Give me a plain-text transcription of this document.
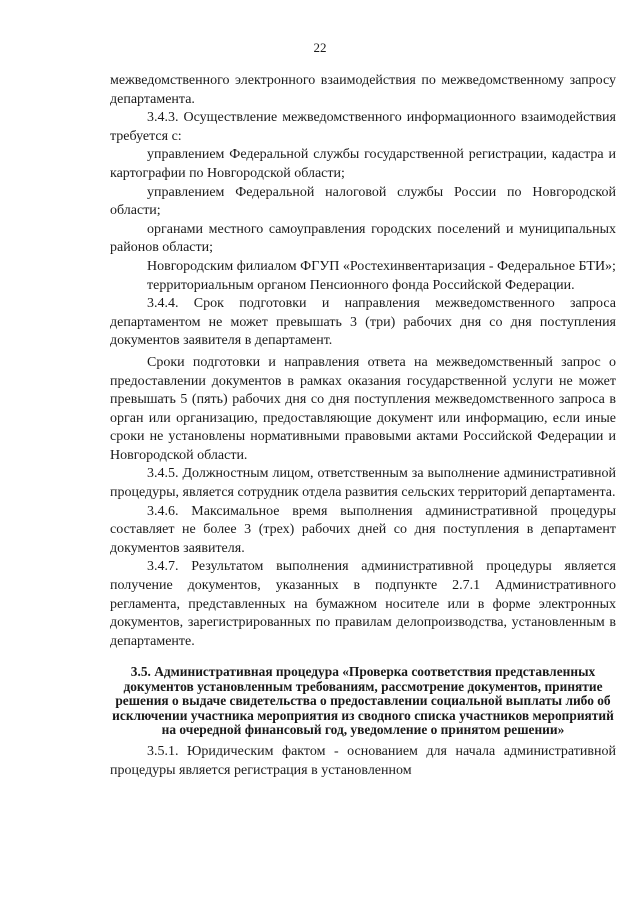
22

межведомственного электронного взаимодействия по межведомственному запросу департамента.

3.4.3. Осуществление межведомственного информационного взаимодействия требуется с:

управлением Федеральной службы государственной регистрации, кадастра и картографии по Новгородской области;

управлением Федеральной налоговой службы России по Новгородской области;

органами местного самоуправления городских поселений и муниципальных районов области;

Новгородским филиалом ФГУП «Ростехинвентаризация - Федеральное БТИ»;

территориальным органом Пенсионного фонда Российской Федерации.

3.4.4. Срок подготовки и направления межведомственного запроса департаментом не может превышать 3 (три) рабочих дня со дня поступления документов заявителя в департамент.

Сроки подготовки и направления ответа на межведомственный запрос о предоставлении документов в рамках оказания государственной услуги не может превышать 5 (пять) рабочих дня со дня поступления межведомственного запроса в орган или организацию, предоставляющие документ или информацию, если иные сроки не установлены нормативными правовыми актами Российской Федерации и Новгородской области.

3.4.5. Должностным лицом, ответственным за выполнение административной процедуры, является сотрудник отдела развития сельских территорий департамента.

3.4.6. Максимальное время выполнения административной процедуры составляет не более 3 (трех) рабочих дней со дня поступления в департамент документов заявителя.

3.4.7. Результатом выполнения административной процедуры является получение документов, указанных в подпункте 2.7.1 Административного регламента, представленных на бумажном носителе или в форме электронных документов, зарегистрированных по правилам делопроизводства, установленным в департаменте.

3.5. Административная процедура «Проверка соответствия представленных документов установленным требованиям, рассмотрение документов, принятие решения о выдаче свидетельства о предоставлении социальной выплаты либо об исключении участника мероприятия из сводного списка участников мероприятий на очередной финансовый год, уведомление о принятом решении»

3.5.1. Юридическим фактом - основанием для начала административной процедуры является регистрация в установленном
